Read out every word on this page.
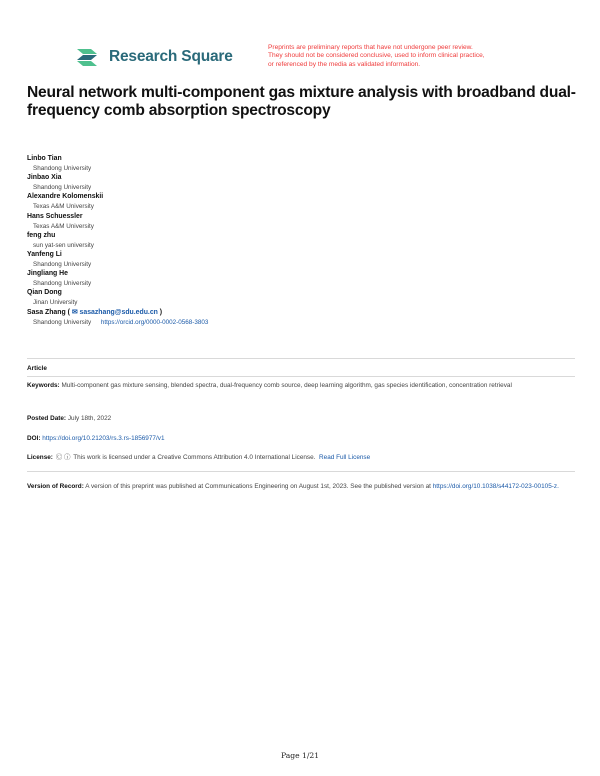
Research Square
Preprints are preliminary reports that have not undergone peer review.
They should not be considered conclusive, used to inform clinical practice,
or referenced by the media as validated information.
Neural network multi-component gas mixture analysis with broadband dual-frequency comb absorption spectroscopy
Linbo Tian
Shandong University
Jinbao Xia
Shandong University
Alexandre Kolomenskii
Texas A&M University
Hans Schuessler
Texas A&M University
feng zhu
sun yat-sen university
Yanfeng Li
Shandong University
Jingliang He
Shandong University
Qian Dong
Jinan University
Sasa Zhang ( ✉ sasazhang@sdu.edu.cn )
Shandong University https://orcid.org/0000-0002-0568-3803
Article
Keywords: Multi-component gas mixture sensing, blended spectra, dual-frequency comb source, deep learning algorithm, gas species identification, concentration retrieval
Posted Date: July 18th, 2022
DOI: https://doi.org/10.21203/rs.3.rs-1856977/v1
License: Ⓒ ⓘ This work is licensed under a Creative Commons Attribution 4.0 International License. Read Full License
Version of Record: A version of this preprint was published at Communications Engineering on August 1st, 2023. See the published version at https://doi.org/10.1038/s44172-023-00105-z.
Page 1/21
